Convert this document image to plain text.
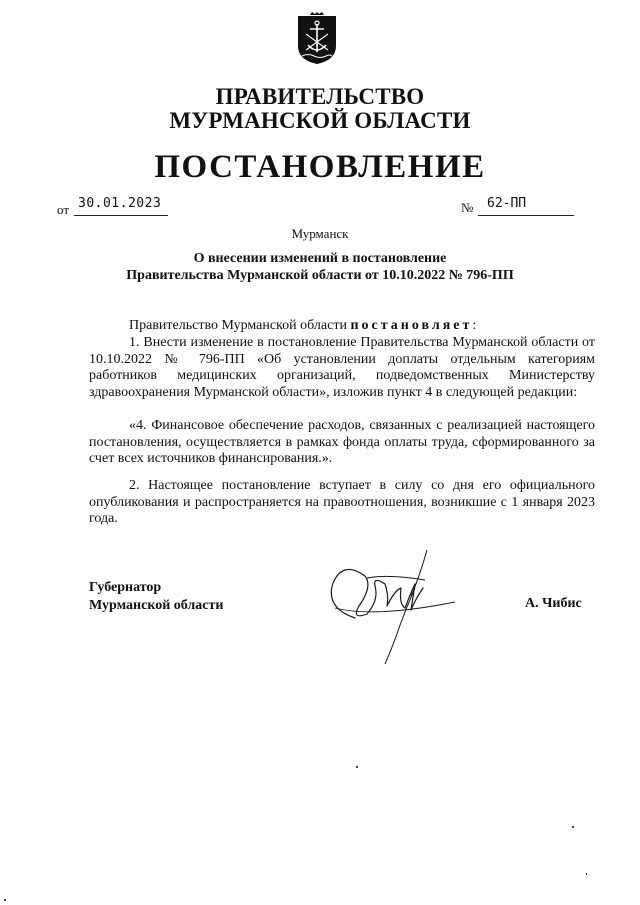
ПРАВИТЕЛЬСТВО
МУРМАНСКОЙ ОБЛАСТИ
ПОСТАНОВЛЕНИЕ
от 30.01.2023	№ 62-ПП
Мурманск
О внесении изменений в постановление
Правительства Мурманской области от 10.10.2022 № 796-ПП
Правительство Мурманской области постановляет:
1. Внести изменение в постановление Правительства Мурманской области от 10.10.2022 № 796-ПП «Об установлении доплаты отдельным категориям работников медицинских организаций, подведомственных Министерству здравоохранения Мурманской области», изложив пункт 4 в следующей редакции:
«4. Финансовое обеспечение расходов, связанных с реализацией настоящего постановления, осуществляется в рамках фонда оплаты труда, сформированного за счет всех источников финансирования.».
2. Настоящее постановление вступает в силу со дня его официального опубликования и распространяется на правоотношения, возникшие с 1 января 2023 года.
Губернатор
Мурманской области	А. Чибис
